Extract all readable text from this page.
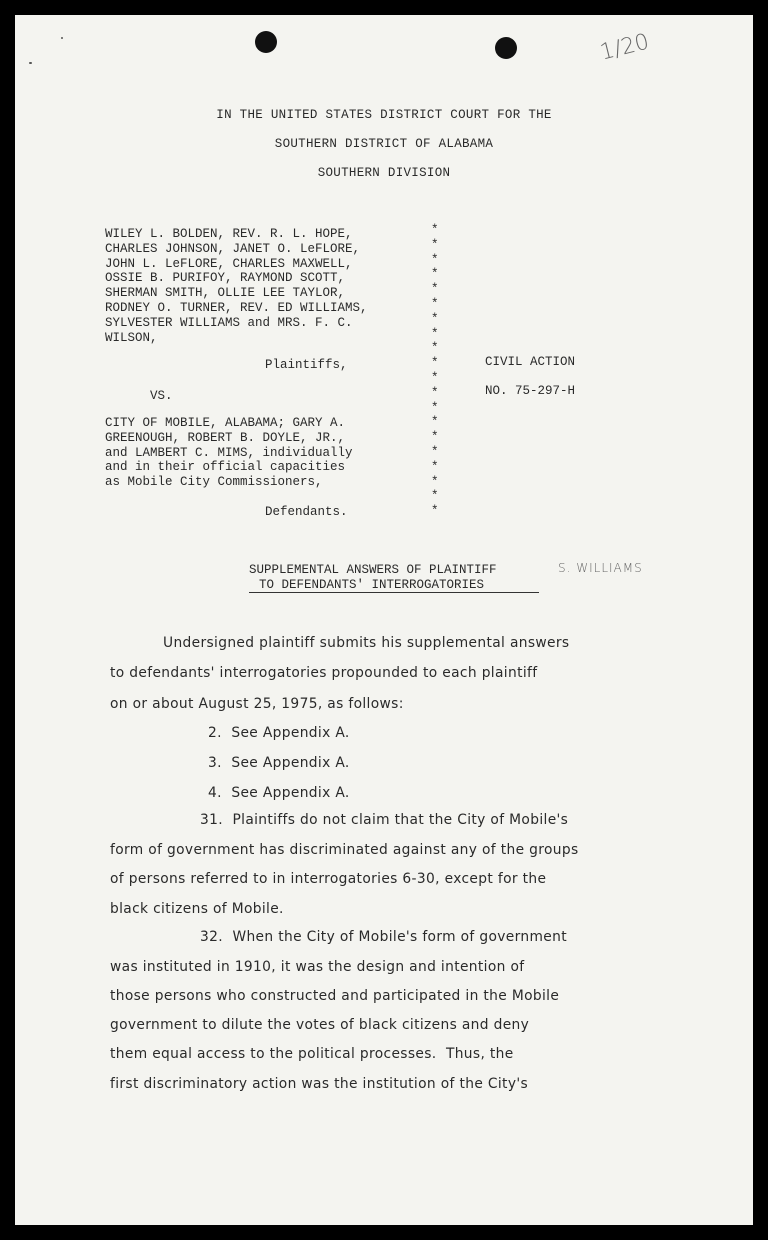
1/20
IN THE UNITED STATES DISTRICT COURT FOR THE
SOUTHERN DISTRICT OF ALABAMA
SOUTHERN DIVISION
WILEY L. BOLDEN, REV. R. L. HOPE,
CHARLES JOHNSON, JANET O. LeFLORE,
JOHN L. LeFLORE, CHARLES MAXWELL,
OSSIE B. PURIFOY, RAYMOND SCOTT,
SHERMAN SMITH, OLLIE LEE TAYLOR,
RODNEY O. TURNER, REV. ED WILLIAMS,
SYLVESTER WILLIAMS and MRS. F. C.
WILSON,
Plaintiffs,
VS.
CITY OF MOBILE, ALABAMA; GARY A.
GREENOUGH, ROBERT B. DOYLE, JR.,
and LAMBERT C. MIMS, individually
and in their official capacities
as Mobile City Commissioners,
Defendants.
*
*
*
*
*
*
*
*
*
*
*
*
*
*
*
*
*
*
*
*
CIVIL ACTION
NO. 75-297-H
SUPPLEMENTAL ANSWERS OF PLAINTIFF
TO DEFENDANTS' INTERROGATORIES
S. WILLIAMS
Undersigned plaintiff submits his supplemental answers
to defendants' interrogatories propounded to each plaintiff
on or about August 25, 1975, as follows:
2.  See Appendix A.
3.  See Appendix A.
4.  See Appendix A.
31.  Plaintiffs do not claim that the City of Mobile's
form of government has discriminated against any of the groups
of persons referred to in interrogatories 6-30, except for the
black citizens of Mobile.
32.  When the City of Mobile's form of government
was instituted in 1910, it was the design and intention of
those persons who constructed and participated in the Mobile
government to dilute the votes of black citizens and deny
them equal access to the political processes.  Thus, the
first discriminatory action was the institution of the City's
